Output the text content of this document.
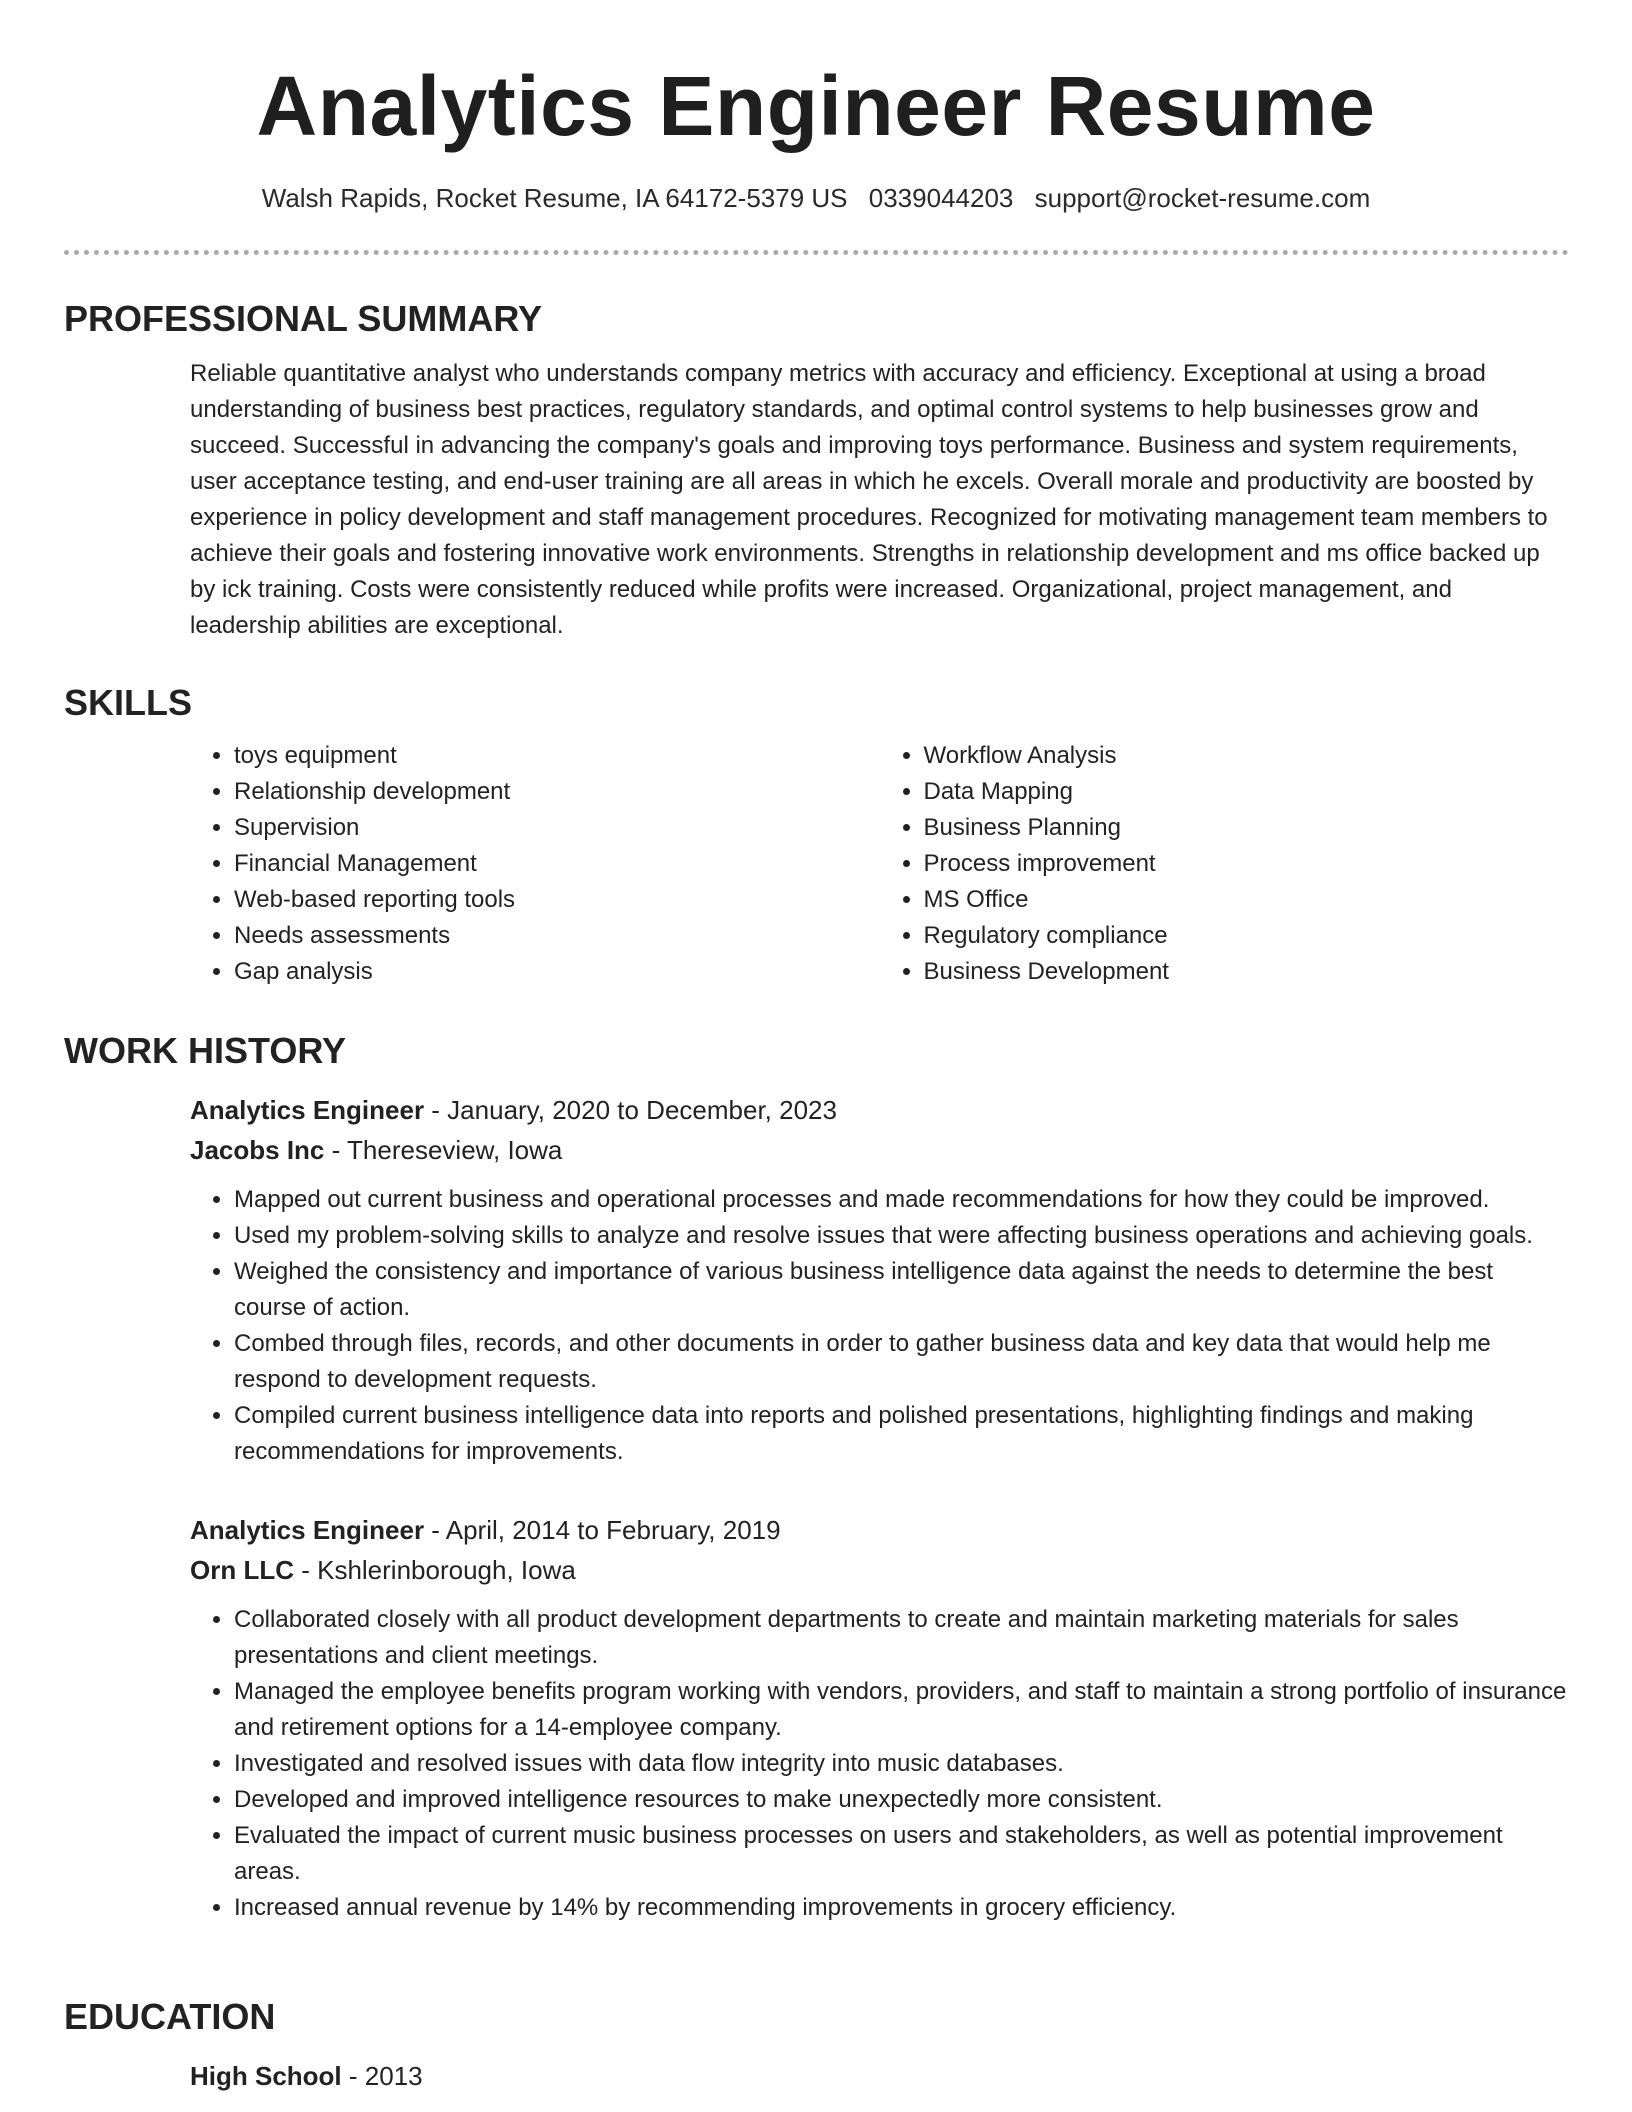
Analytics Engineer Resume
Walsh Rapids, Rocket Resume, IA 64172-5379 US 0339044203 support@rocket-resume.com
PROFESSIONAL SUMMARY

Reliable quantitative analyst who understands company metrics with accuracy and efficiency. Exceptional at using a broad understanding of business best practices, regulatory standards, and optimal control systems to help businesses grow and succeed. Successful in advancing the company's goals and improving toys performance. Business and system requirements, user acceptance testing, and end-user training are all areas in which he excels. Overall morale and productivity are boosted by experience in policy development and staff management procedures. Recognized for motivating management team members to achieve their goals and fostering innovative work environments. Strengths in relationship development and ms office backed up by ick training. Costs were consistently reduced while profits were increased. Organizational, project management, and leadership abilities are exceptional.

SKILLS
• toys equipment
• Relationship development
• Supervision
• Financial Management
• Web-based reporting tools
• Needs assessments
• Gap analysis
• Workflow Analysis
• Data Mapping
• Business Planning
• Process improvement
• MS Office
• Regulatory compliance
• Business Development
WORK HISTORY
Analytics Engineer - January, 2020 to December, 2023
Jacobs Inc - Thereseview, Iowa
• Mapped out current business and operational processes and made recommendations for how they could be improved.
• Used my problem-solving skills to analyze and resolve issues that were affecting business operations and achieving goals.
• Weighed the consistency and importance of various business intelligence data against the needs to determine the best course of action.
• Combed through files, records, and other documents in order to gather business data and key data that would help me respond to development requests.
• Compiled current business intelligence data into reports and polished presentations, highlighting findings and making recommendations for improvements.
Analytics Engineer - April, 2014 to February, 2019
Orn LLC - Kshlerinborough, Iowa
• Collaborated closely with all product development departments to create and maintain marketing materials for sales presentations and client meetings.
• Managed the employee benefits program working with vendors, providers, and staff to maintain a strong portfolio of insurance and retirement options for a 14-employee company.
• Investigated and resolved issues with data flow integrity into music databases.
• Developed and improved intelligence resources to make unexpectedly more consistent.
• Evaluated the impact of current music business processes on users and stakeholders, as well as potential improvement areas.
• Increased annual revenue by 14% by recommending improvements in grocery efficiency.
EDUCATION
High School - 2013
